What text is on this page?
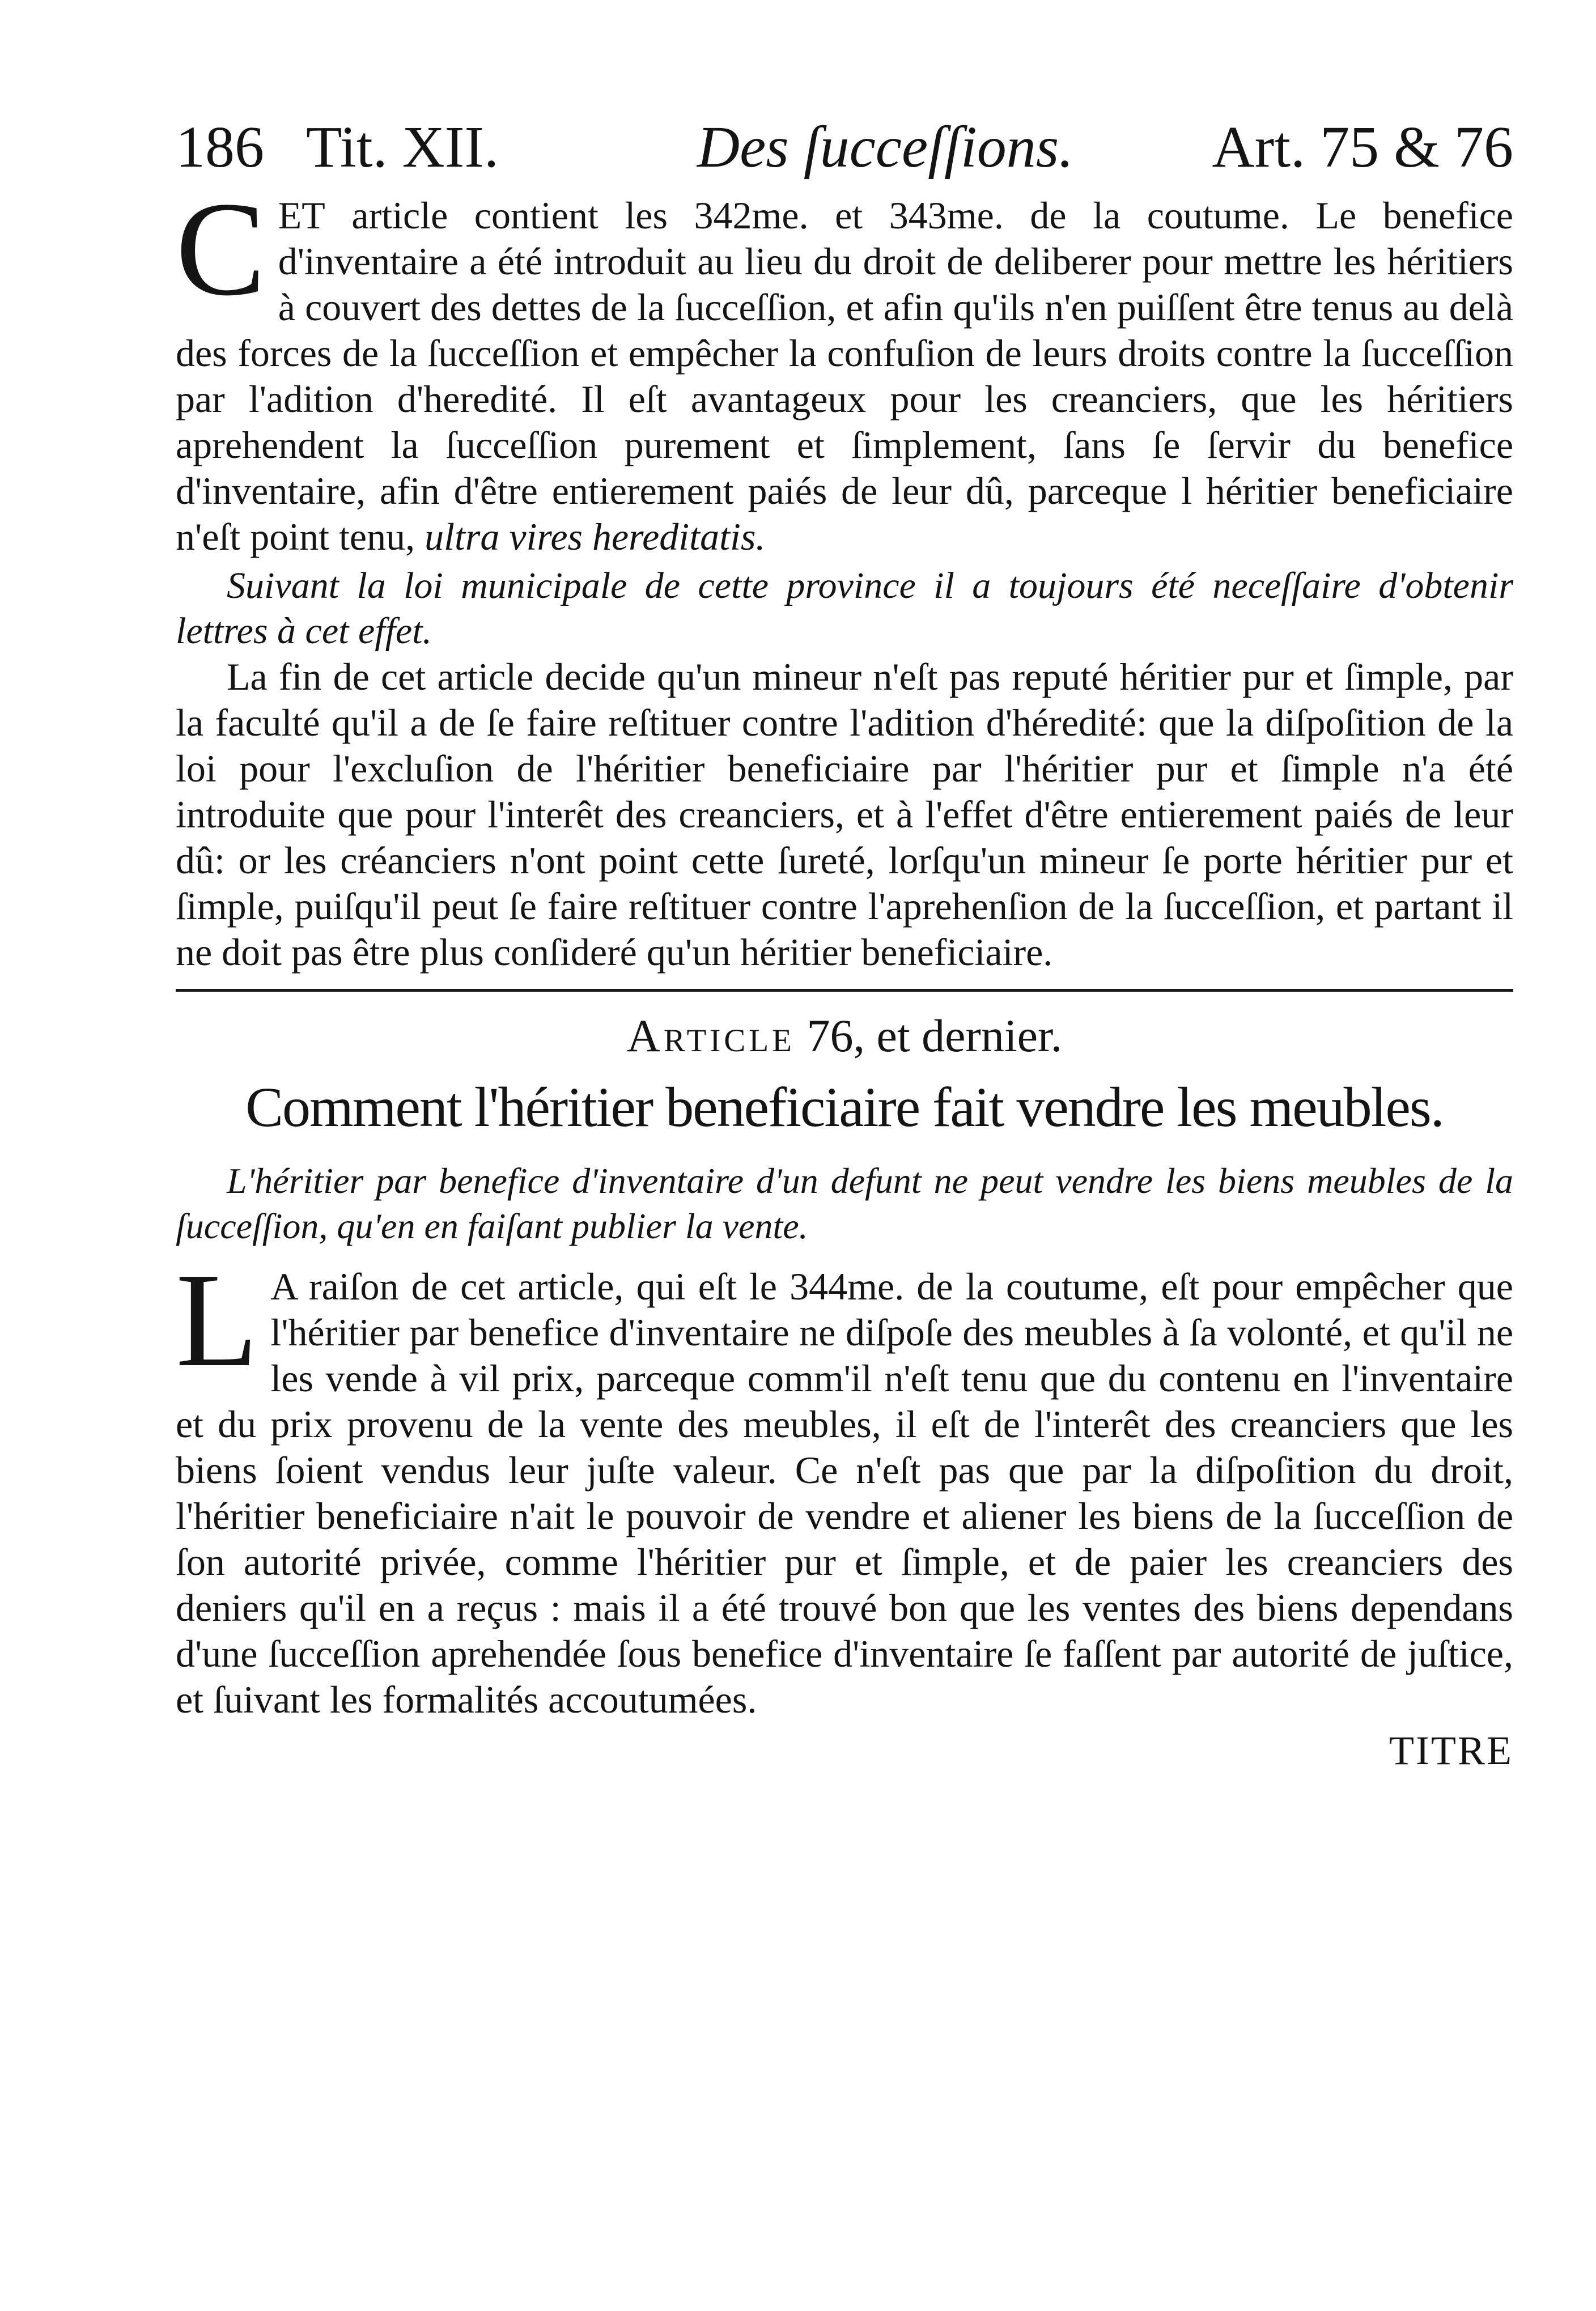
186 Tit. XII.	Des ſucceſſions. Art. 75 & 76

CET article contient les 342me. et 343me. de la coutume. Le benefice d'inventaire a été introduit au lieu du droit de deliberer pour mettre les héritiers à couvert des dettes de la ſucceſſion, et afin qu'ils n'en puiſſent être tenus au delà des forces de la ſucceſſion et empêcher la confuſion de leurs droits contre la ſucceſſion par l'adition d'heredité. Il eſt avantageux pour les creanciers, que les héritiers aprehendent la ſucceſſion purement et ſimplement, ſans ſe ſervir du benefice d'inventaire, afin d'être entierement paiés de leur dû, parceque l héritier beneficiaire n'eſt point tenu, ultra vires hereditatis.

Suivant la loi municipale de cette province il a toujours été neceſſaire d'obtenir lettres à cet effet.

La fin de cet article decide qu'un mineur n'eſt pas reputé héritier pur et ſimple, par la faculté qu'il a de ſe faire reſtituer contre l'adition d'héredité: que la diſpoſition de la loi pour l'excluſion de l'héritier beneficiaire par l'héritier pur et ſimple n'a été introduite que pour l'interêt des creanciers, et à l'effet d'être entierement paiés de leur dû: or les créanciers n'ont point cette ſureté, lorſqu'un mineur ſe porte héritier pur et ſimple, puiſqu'il peut ſe faire reſtituer contre l'aprehenſion de la ſucceſſion, et partant il ne doit pas être plus conſideré qu'un héritier beneficiaire.

Article 76, et dernier.
Comment l'héritier beneficiaire fait vendre les meubles.

L'héritier par benefice d'inventaire d'un defunt ne peut vendre les biens meubles de la ſucceſſion, qu'en en faiſant publier la vente.

L A raiſon de cet article, qui eſt le 344me. de la coutume, eſt pour empêcher que l'héritier par benefice d'inventaire ne diſpoſe des meubles à ſa volonté, et qu'il ne les vende à vil prix, parceque comm'il n'eſt tenu que du contenu en l'inventaire et du prix provenu de la vente des meubles, il eſt de l'interêt des creanciers que les biens ſoient vendus leur juſte valeur. Ce n'eſt pas que par la diſpoſition du droit, l'héritier beneficiaire n'ait le pouvoir de vendre et aliener les biens de la ſucceſſion de ſon autorité privée, comme l'héritier pur et ſimple, et de paier les creanciers des deniers qu'il en a reçus : mais il a été trouvé bon que les ventes des biens dependans d'une ſucceſſion aprehendée ſous benefice d'inventaire ſe faſſent par autorité de juſtice, et ſuivant les formalités accoutumées.

TITRE
